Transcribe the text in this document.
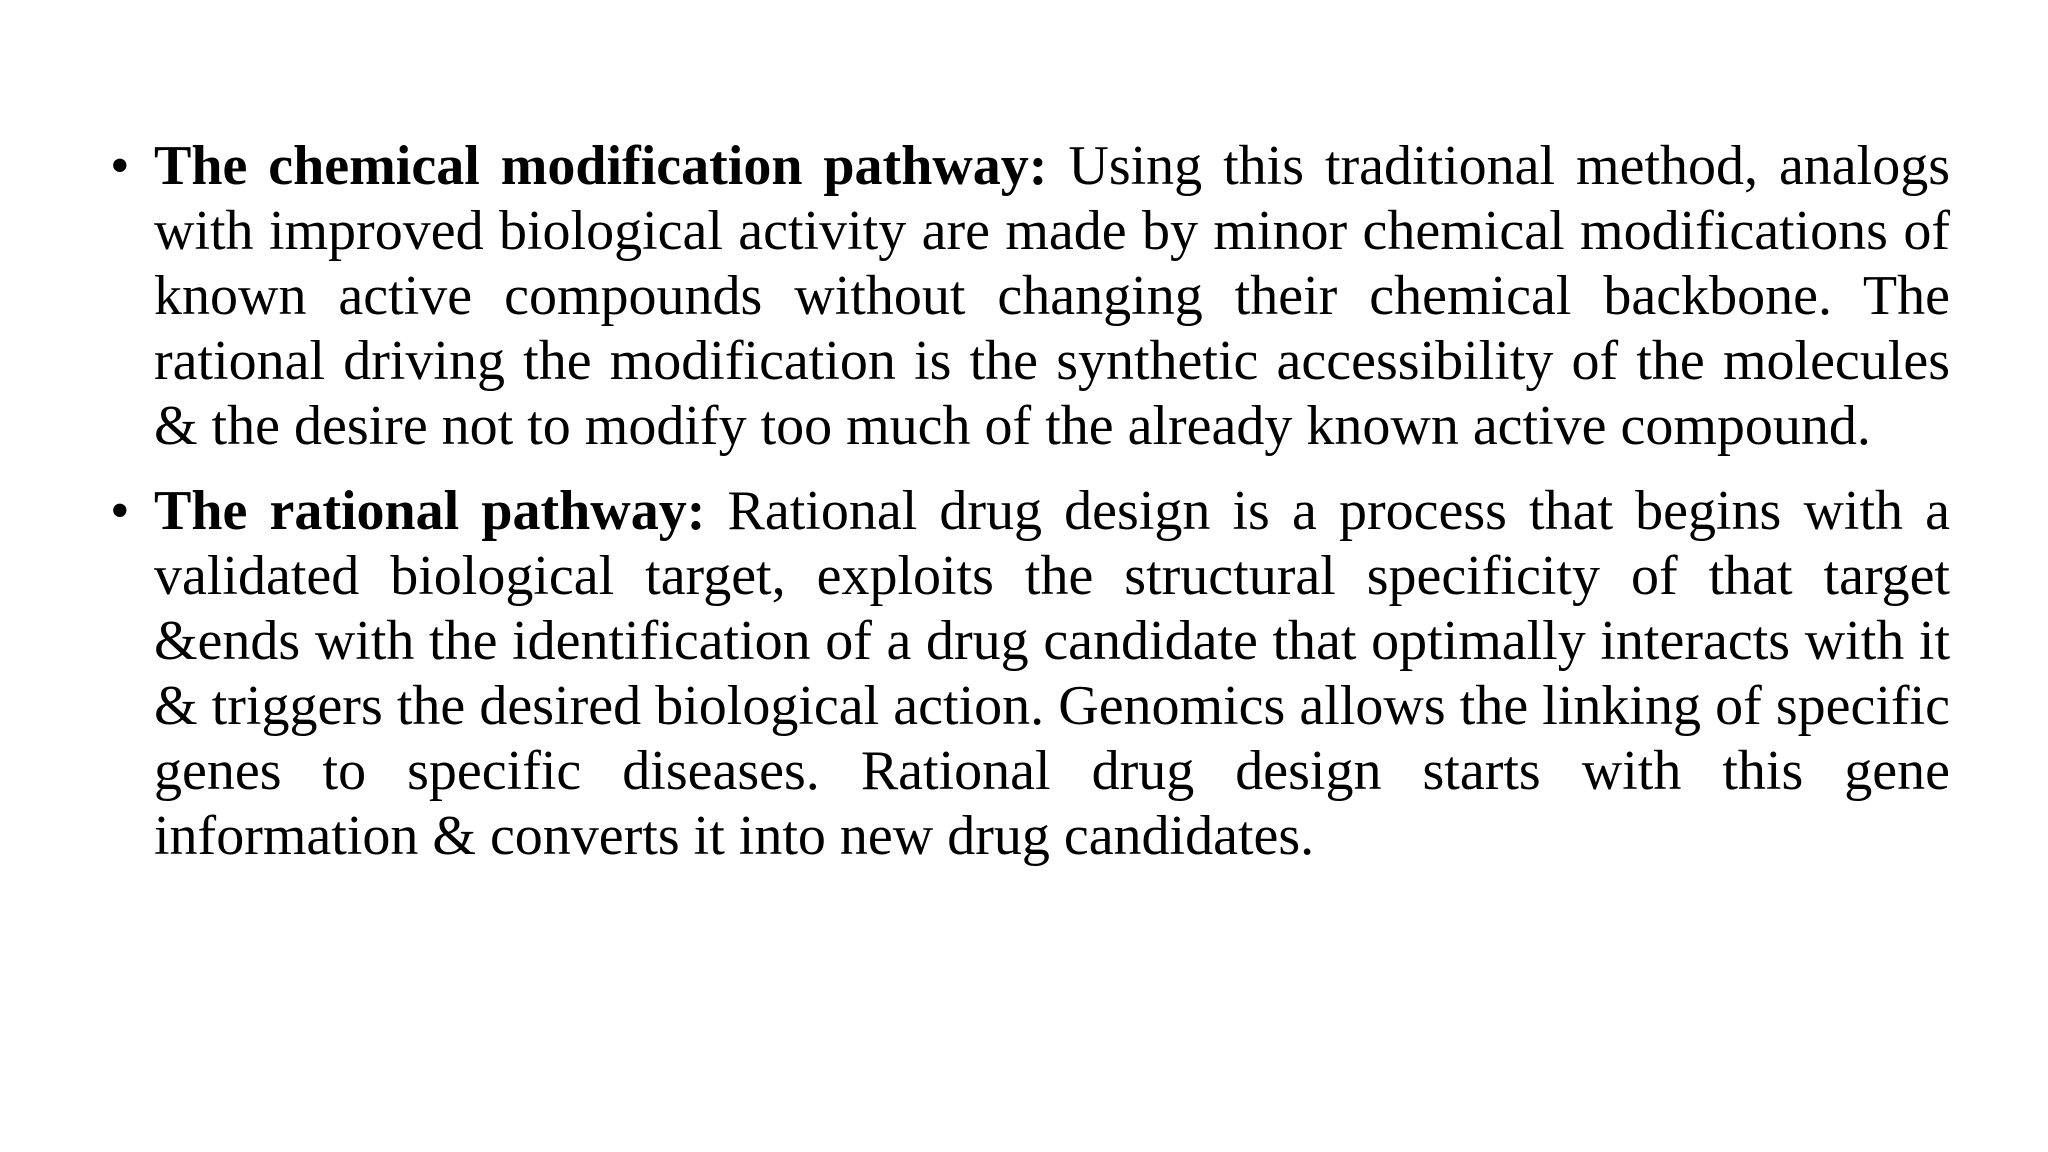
• The chemical modification pathway: Using this traditional method, analogs with improved biological activity are made by minor chemical modifications of known active compounds without changing their chemical backbone. The rational driving the modification is the synthetic accessibility of the molecules & the desire not to modify too much of the already known active compound.
• The rational pathway: Rational drug design is a process that begins with a validated biological target, exploits the structural specificity of that target &ends with the identification of a drug candidate that optimally interacts with it & triggers the desired biological action. Genomics allows the linking of specific genes to specific diseases. Rational drug design starts with this gene information & converts it into new drug candidates.
